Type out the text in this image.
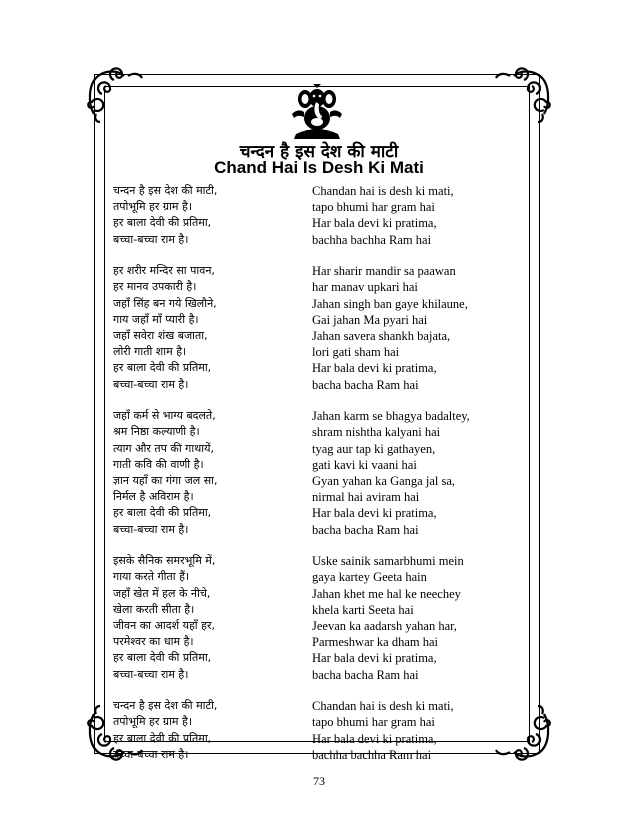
चन्दन है इस देश की माटी
Chand Hai Is Desh Ki Mati
चन्दन है इस देश की माटी,
तपोभूमि हर ग्राम है।
हर बाला देवी की प्रतिमा,
बच्चा-बच्चा राम है।
हर शरीर मन्दिर सा पावन,
हर मानव उपकारी है।
जहाँ सिंह बन गये खिलौने,
गाय जहाँ माँ प्यारी है।
जहाँ सवेरा शंख बजाता,
लोरी गाती शाम है।
हर बाला देवी की प्रतिमा,
बच्चा-बच्चा राम है।
जहाँ कर्म से भाग्य बदलते,
श्रम निष्ठा कल्याणी है।
त्याग और तप की गाथायें,
गाती कवि की वाणी है।
ज्ञान यहाँ का गंगा जल सा,
निर्मल है अविराम है।
हर बाला देवी की प्रतिमा,
बच्चा-बच्चा राम है।
इसके सैनिक समरभूमि में,
गाया करते गीता हैं।
जहाँ खेत में हल के नीचे,
खेला करती सीता है।
जीवन का आदर्श यहाँ हर,
परमेश्वर का धाम है।
हर बाला देवी की प्रतिमा,
बच्चा-बच्चा राम है।
चन्दन है इस देश की माटी,
तपोभूमि हर ग्राम है।
हर बाला देवी की प्रतिमा,
बच्चा-बच्चा राम है।
Chandan hai is desh ki mati,
tapo bhumi har gram hai
Har bala devi ki pratima,
bachha bachha Ram hai
Har sharir mandir sa paawan
har manav upkari hai
Jahan singh ban gaye khilaune,
Gai jahan Ma pyari hai
Jahan savera shankh bajata,
lori gati sham hai
Har bala devi ki pratima,
bacha bacha Ram hai
Jahan karm se bhagya badaltey,
shram nishtha kalyani hai
tyag aur tap ki gathayen,
gati kavi ki vaani hai
Gyan yahan ka Ganga jal sa,
nirmal hai aviram hai
Har bala devi ki pratima,
bacha bacha Ram hai
Uske sainik samarbhumi mein
gaya kartey Geeta hain
Jahan khet me hal ke neechey
khela karti Seeta hai
Jeevan ka aadarsh yahan har,
Parmeshwar ka dham hai
Har bala devi ki pratima,
bacha bacha Ram hai
Chandan hai is desh ki mati,
tapo bhumi har gram hai
Har bala devi ki pratima,
bachha bachha Ram hai
73
